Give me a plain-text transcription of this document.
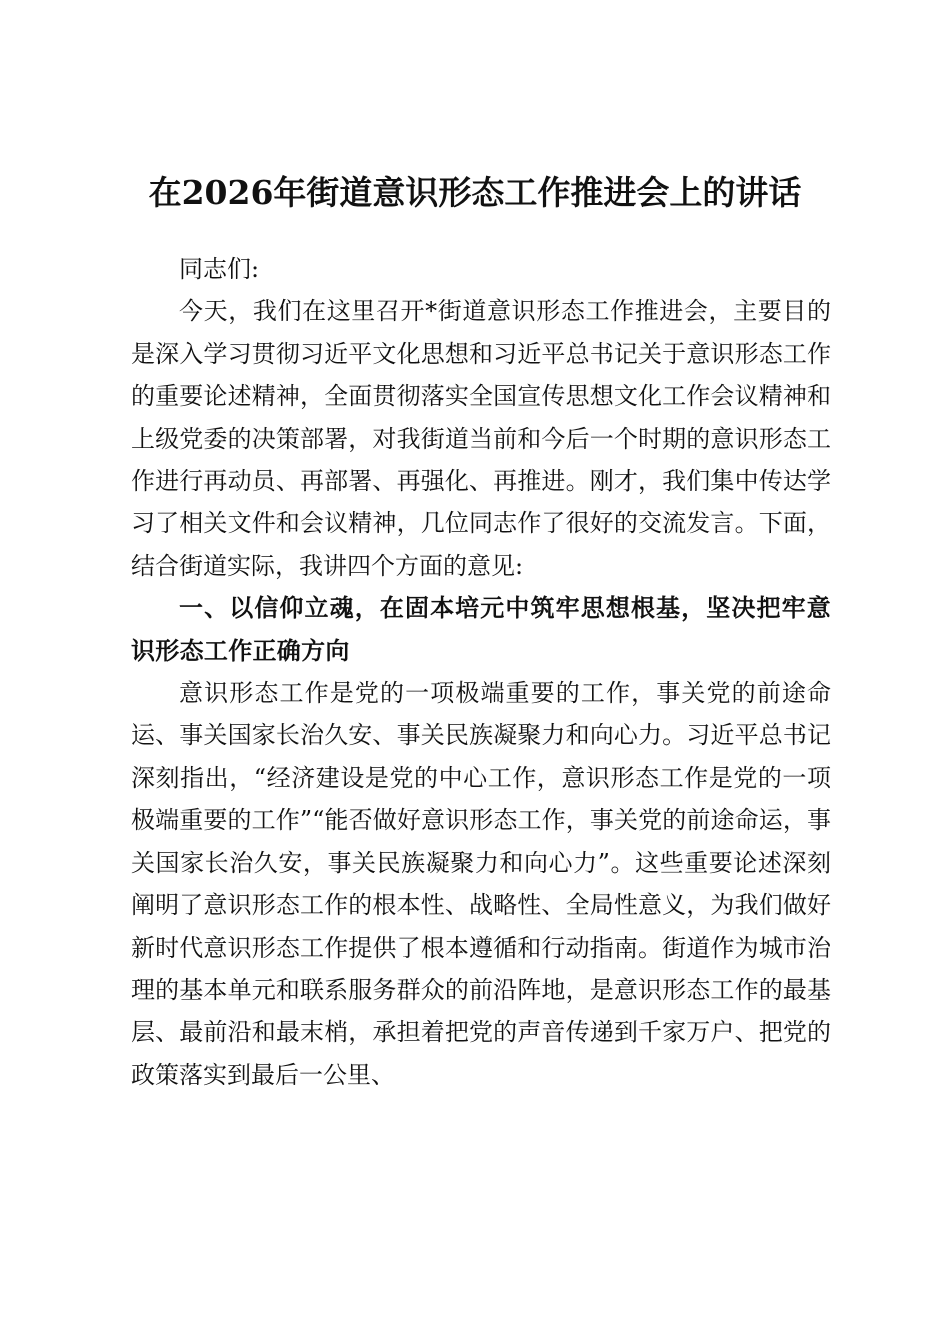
在2026年街道意识形态工作推进会上的讲话

同志们:

今天，我们在这里召开*街道意识形态工作推进会，主要目的是深入学习贯彻习近平文化思想和习近平总书记关于意识形态工作的重要论述精神，全面贯彻落实全国宣传思想文化工作会议精神和上级党委的决策部署，对我街道当前和今后一个时期的意识形态工作进行再动员、再部署、再强化、再推进。刚才，我们集中传达学习了相关文件和会议精神，几位同志作了很好的交流发言。下面，结合街道实际，我讲四个方面的意见:

一、以信仰立魂，在固本培元中筑牢思想根基，坚决把牢意识形态工作正确方向

意识形态工作是党的一项极端重要的工作，事关党的前途命运、事关国家长治久安、事关民族凝聚力和向心力。习近平总书记深刻指出，“经济建设是党的中心工作，意识形态工作是党的一项极端重要的工作”“能否做好意识形态工作，事关党的前途命运，事关国家长治久安，事关民族凝聚力和向心力”。这些重要论述深刻阐明了意识形态工作的根本性、战略性、全局性意义，为我们做好新时代意识形态工作提供了根本遵循和行动指南。街道作为城市治理的基本单元和联系服务群众的前沿阵地，是意识形态工作的最基层、最前沿和最末梢，承担着把党的声音传递到千家万户、把党的政策落实到最后一公里、
